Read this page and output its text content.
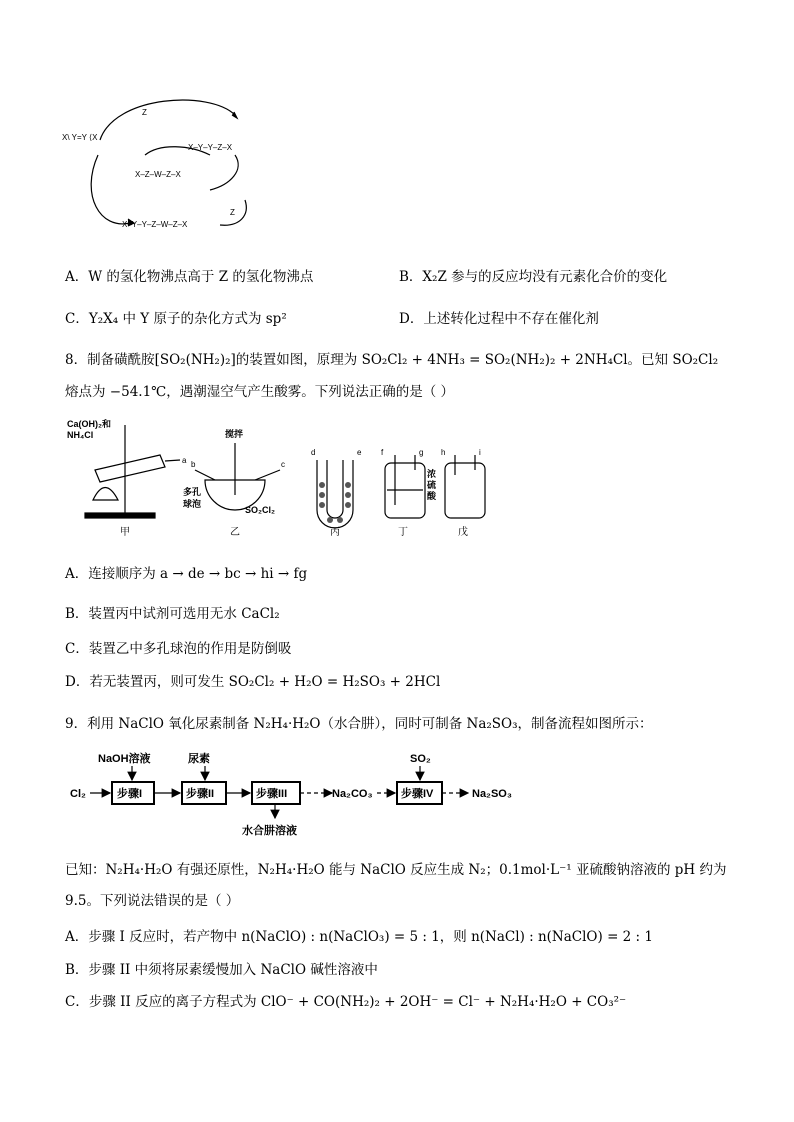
X\ Y=Y ⟨X
Z
X–Y–Y–Z–X
X–Z–W–Z–X
X–Y–Y–Z–W–Z–X
Z
A．W 的氢化物沸点高于 Z 的氢化物沸点	B．X₂Z 参与的反应均没有元素化合价的变化
C．Y₂X₄ 中 Y 原子的杂化方式为 sp²	D．上述转化过程中不存在催化剂
8．制备磺酰胺[SO₂(NH₂)₂]的装置如图，原理为 SO₂Cl₂ + 4NH₃ = SO₂(NH₂)₂ + 2NH₄Cl。已知 SO₂Cl₂
熔点为 −54.1℃，遇潮湿空气产生酸雾。下列说法正确的是（ ）
Ca(OH)₂和
NH₄Cl	搅拌
多孔
球泡
SO₂Cl₂
浓
硫
酸
甲	乙	丙	丁	戊
a b	c
d	e f	g h	i
A．连接顺序为 a → de → bc → hi → fg
B．装置丙中试剂可选用无水 CaCl₂
C．装置乙中多孔球泡的作用是防倒吸
D．若无装置丙，则可发生 SO₂Cl₂ + H₂O = H₂SO₃ + 2HCl
9．利用 NaClO 氧化尿素制备 N₂H₄·H₂O（水合肼），同时可制备 Na₂SO₃，制备流程如图所示：
NaOH溶液	尿素	SO₂
Cl₂	步骤I	步骤II	步骤III	Na₂CO₃	步骤IV	Na₂SO₃
水合肼溶液
已知：N₂H₄·H₂O 有强还原性，N₂H₄·H₂O 能与 NaClO 反应生成 N₂；0.1mol·L⁻¹ 亚硫酸钠溶液的 pH 约为
9.5。下列说法错误的是（ ）
A．步骤 I 反应时，若产物中 n(NaClO) : n(NaClO₃) = 5 : 1，则 n(NaCl) : n(NaClO) = 2 : 1
B．步骤 II 中须将尿素缓慢加入 NaClO 碱性溶液中
C．步骤 II 反应的离子方程式为 ClO⁻ + CO(NH₂)₂ + 2OH⁻ = Cl⁻ + N₂H₄·H₂O + CO₃²⁻
